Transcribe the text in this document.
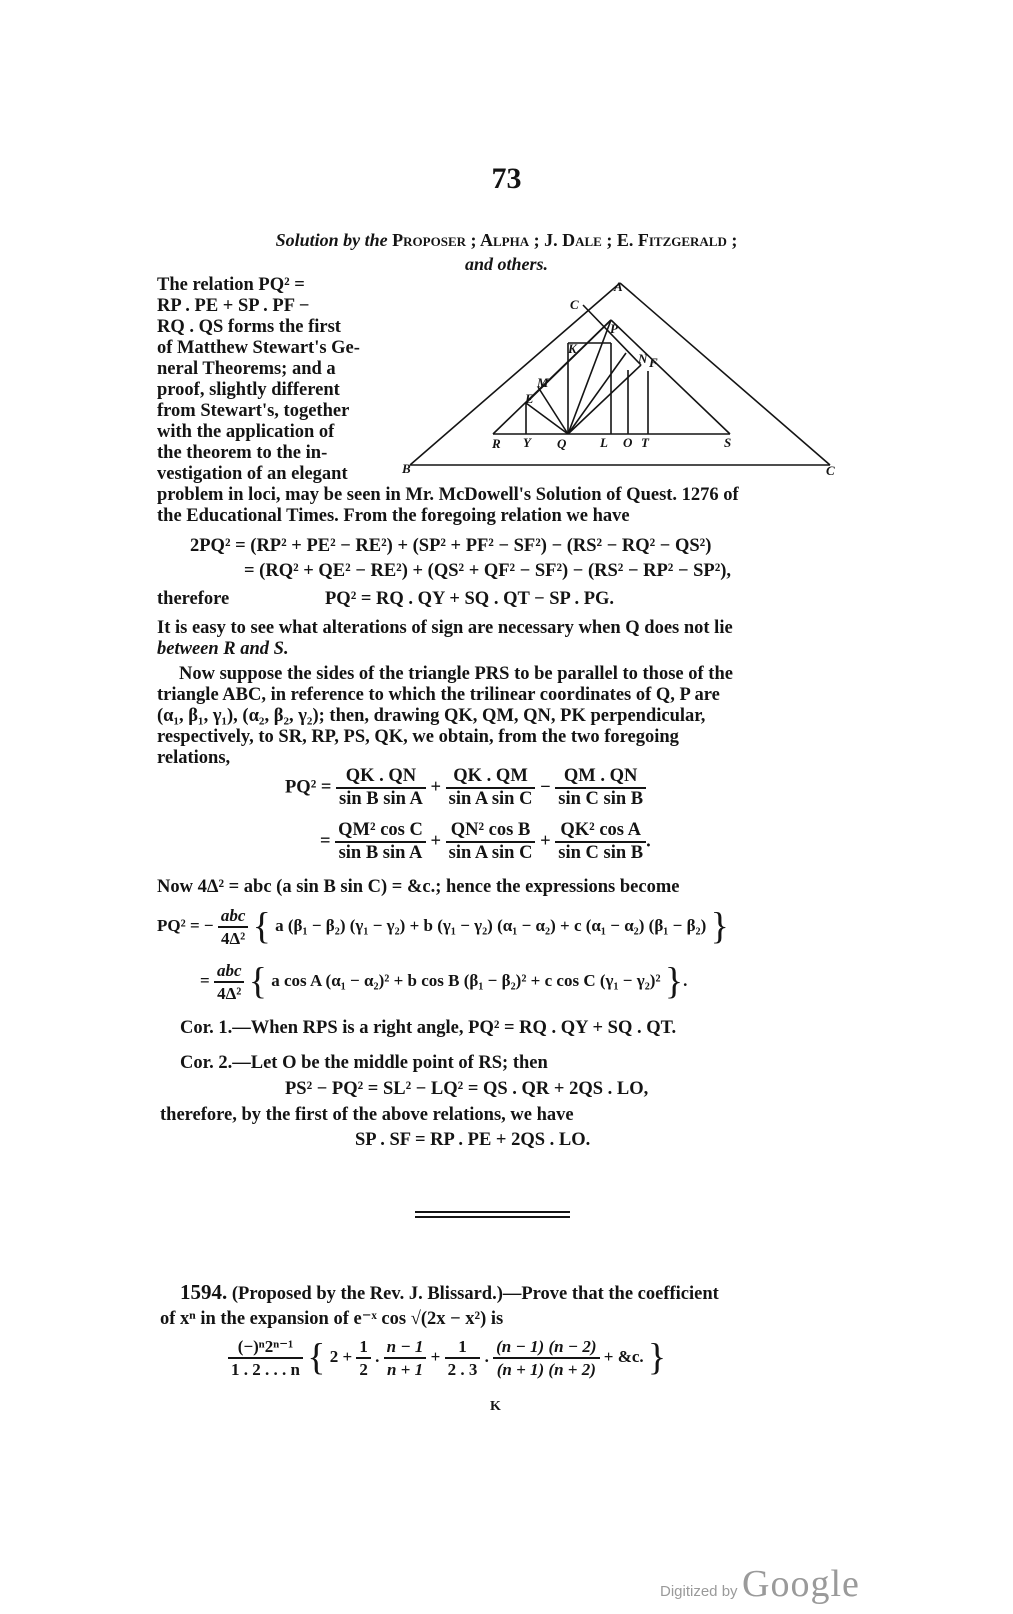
73
Solution by the Proposer ; Alpha ; J. Dale ; E. Fitzgerald ;
and others.
The relation PQ² =
RP . PE + SP . PF −
RQ . QS forms the first
of Matthew Stewart's Ge-
neral Theorems; and a
proof, slightly different
from Stewart's, together
with the application of
the theorem to the in-
vestigation of an elegant
A
C
P
K
N F
M
E
R Y Q	L O T	S
B	C
problem in loci, may be seen in Mr. McDowell's Solution of Quest. 1276 of
the Educational Times. From the foregoing relation we have
2PQ² = (RP² + PE² − RE²) + (SP² + PF² − SF²) − (RS² − RQ² − QS²)
= (RQ² + QE² − RE²) + (QS² + QF² − SF²) − (RS² − RP² − SP²),
therefore	PQ² = RQ . QY + SQ . QT − SP . PG.
It is easy to see what alterations of sign are necessary when Q does not lie
between R and S.
Now suppose the sides of the triangle PRS to be parallel to those of the
triangle ABC, in reference to which the trilinear coordinates of Q, P are
(α₁, β₁, γ₁), (α₂, β₂, γ₂); then, drawing QK, QM, QN, PK perpendicular,
respectively, to SR, RP, PS, QK, we obtain, from the two foregoing
relations,
$PQ^2 = \frac{QK . QN}{\text{sin B sin A}} + \frac{QK . QM}{\text{sin A sin C}} - \frac{QM . QN}{\text{sin C sin B}}$
= $\frac{\text{QM² cos C}}{\text{sin B sin A}} + \frac{\text{QN² cos B}}{\text{sin A sin C}} + \frac{\text{QK² cos A}}{\text{sin C sin B}}$ .
Now 4Δ² = abc (a sin B sin C) = &c.; hence the expressions become
PQ² = − $\frac{\text{abc}}{\text{4Δ²}}$ { a (β₁ − β₂) (γ₁ − γ₂) + b (γ₁ − γ₂) (α₁ − α₂) + c (α₁ − α₂) (β₁ − β₂) }
= $\frac{\text{abc}}{\text{4Δ²}}$ { a cos A (α₁ − α₂)² + b cos B (β₁ − β₂)² + c cos C (γ₁ − γ₂)² }.
Cor. 1.—When RPS is a right angle, PQ² = RQ . QY + SQ . QT.
Cor. 2.—Let O be the middle point of RS; then
PS² − PQ² = SL² − LQ² = QS . QR + 2QS . LO,
therefore, by the first of the above relations, we have
SP . SF = RP . PE + 2QS . LO.
1594. (Proposed by the Rev. J. Blissard.)—Prove that the coefficient
of xⁿ in the expansion of e⁻ˣ cos √(2x − x²) is
$\frac{\text{(−)ⁿ2ⁿ⁻¹}}{1 . 2 . . . n}$ { $2 + \frac{1}{2}$ . $\frac{n - 1}{n + 1} + \frac{1}{2 . 3}$ . $\frac{(n - 1) (n - 2)}{(n + 1) (n + 2)}$ + &c. }
K
Digitized by Google
